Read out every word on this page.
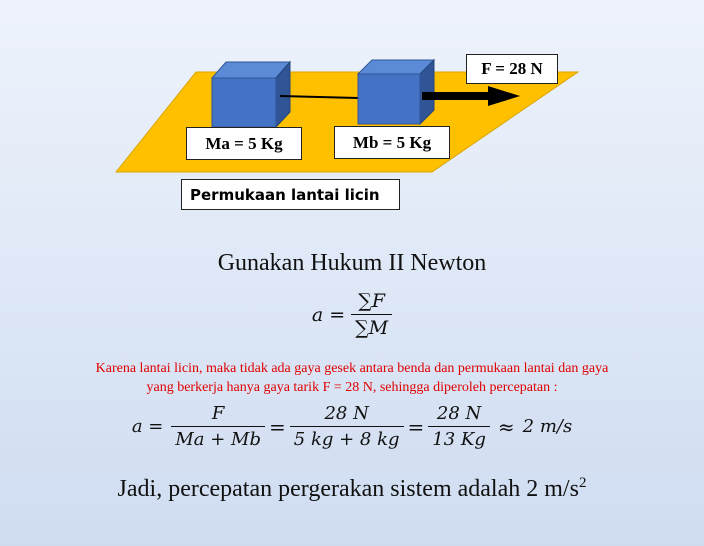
F = 28 N
Ma = 5 Kg	Mb = 5 Kg
Permukaan lantai licin
Gunakan Hukum II Newton
$a = \frac{\sum F}{\sum M}$
Karena lantai licin, maka tidak ada gaya gesek antara benda dan permukaan lantai dan gaya
yang berkerja hanya gaya tarik F = 28 N, sehingga diperoleh percepatan :
$a = \frac{F}{Ma + Mb} = \frac{28 N}{5 kg + 8 kg} = \frac{28 N}{13 Kg} \approx 2$ m/s
Jadi, percepatan pergerakan sistem adalah 2 $m/s^2$
